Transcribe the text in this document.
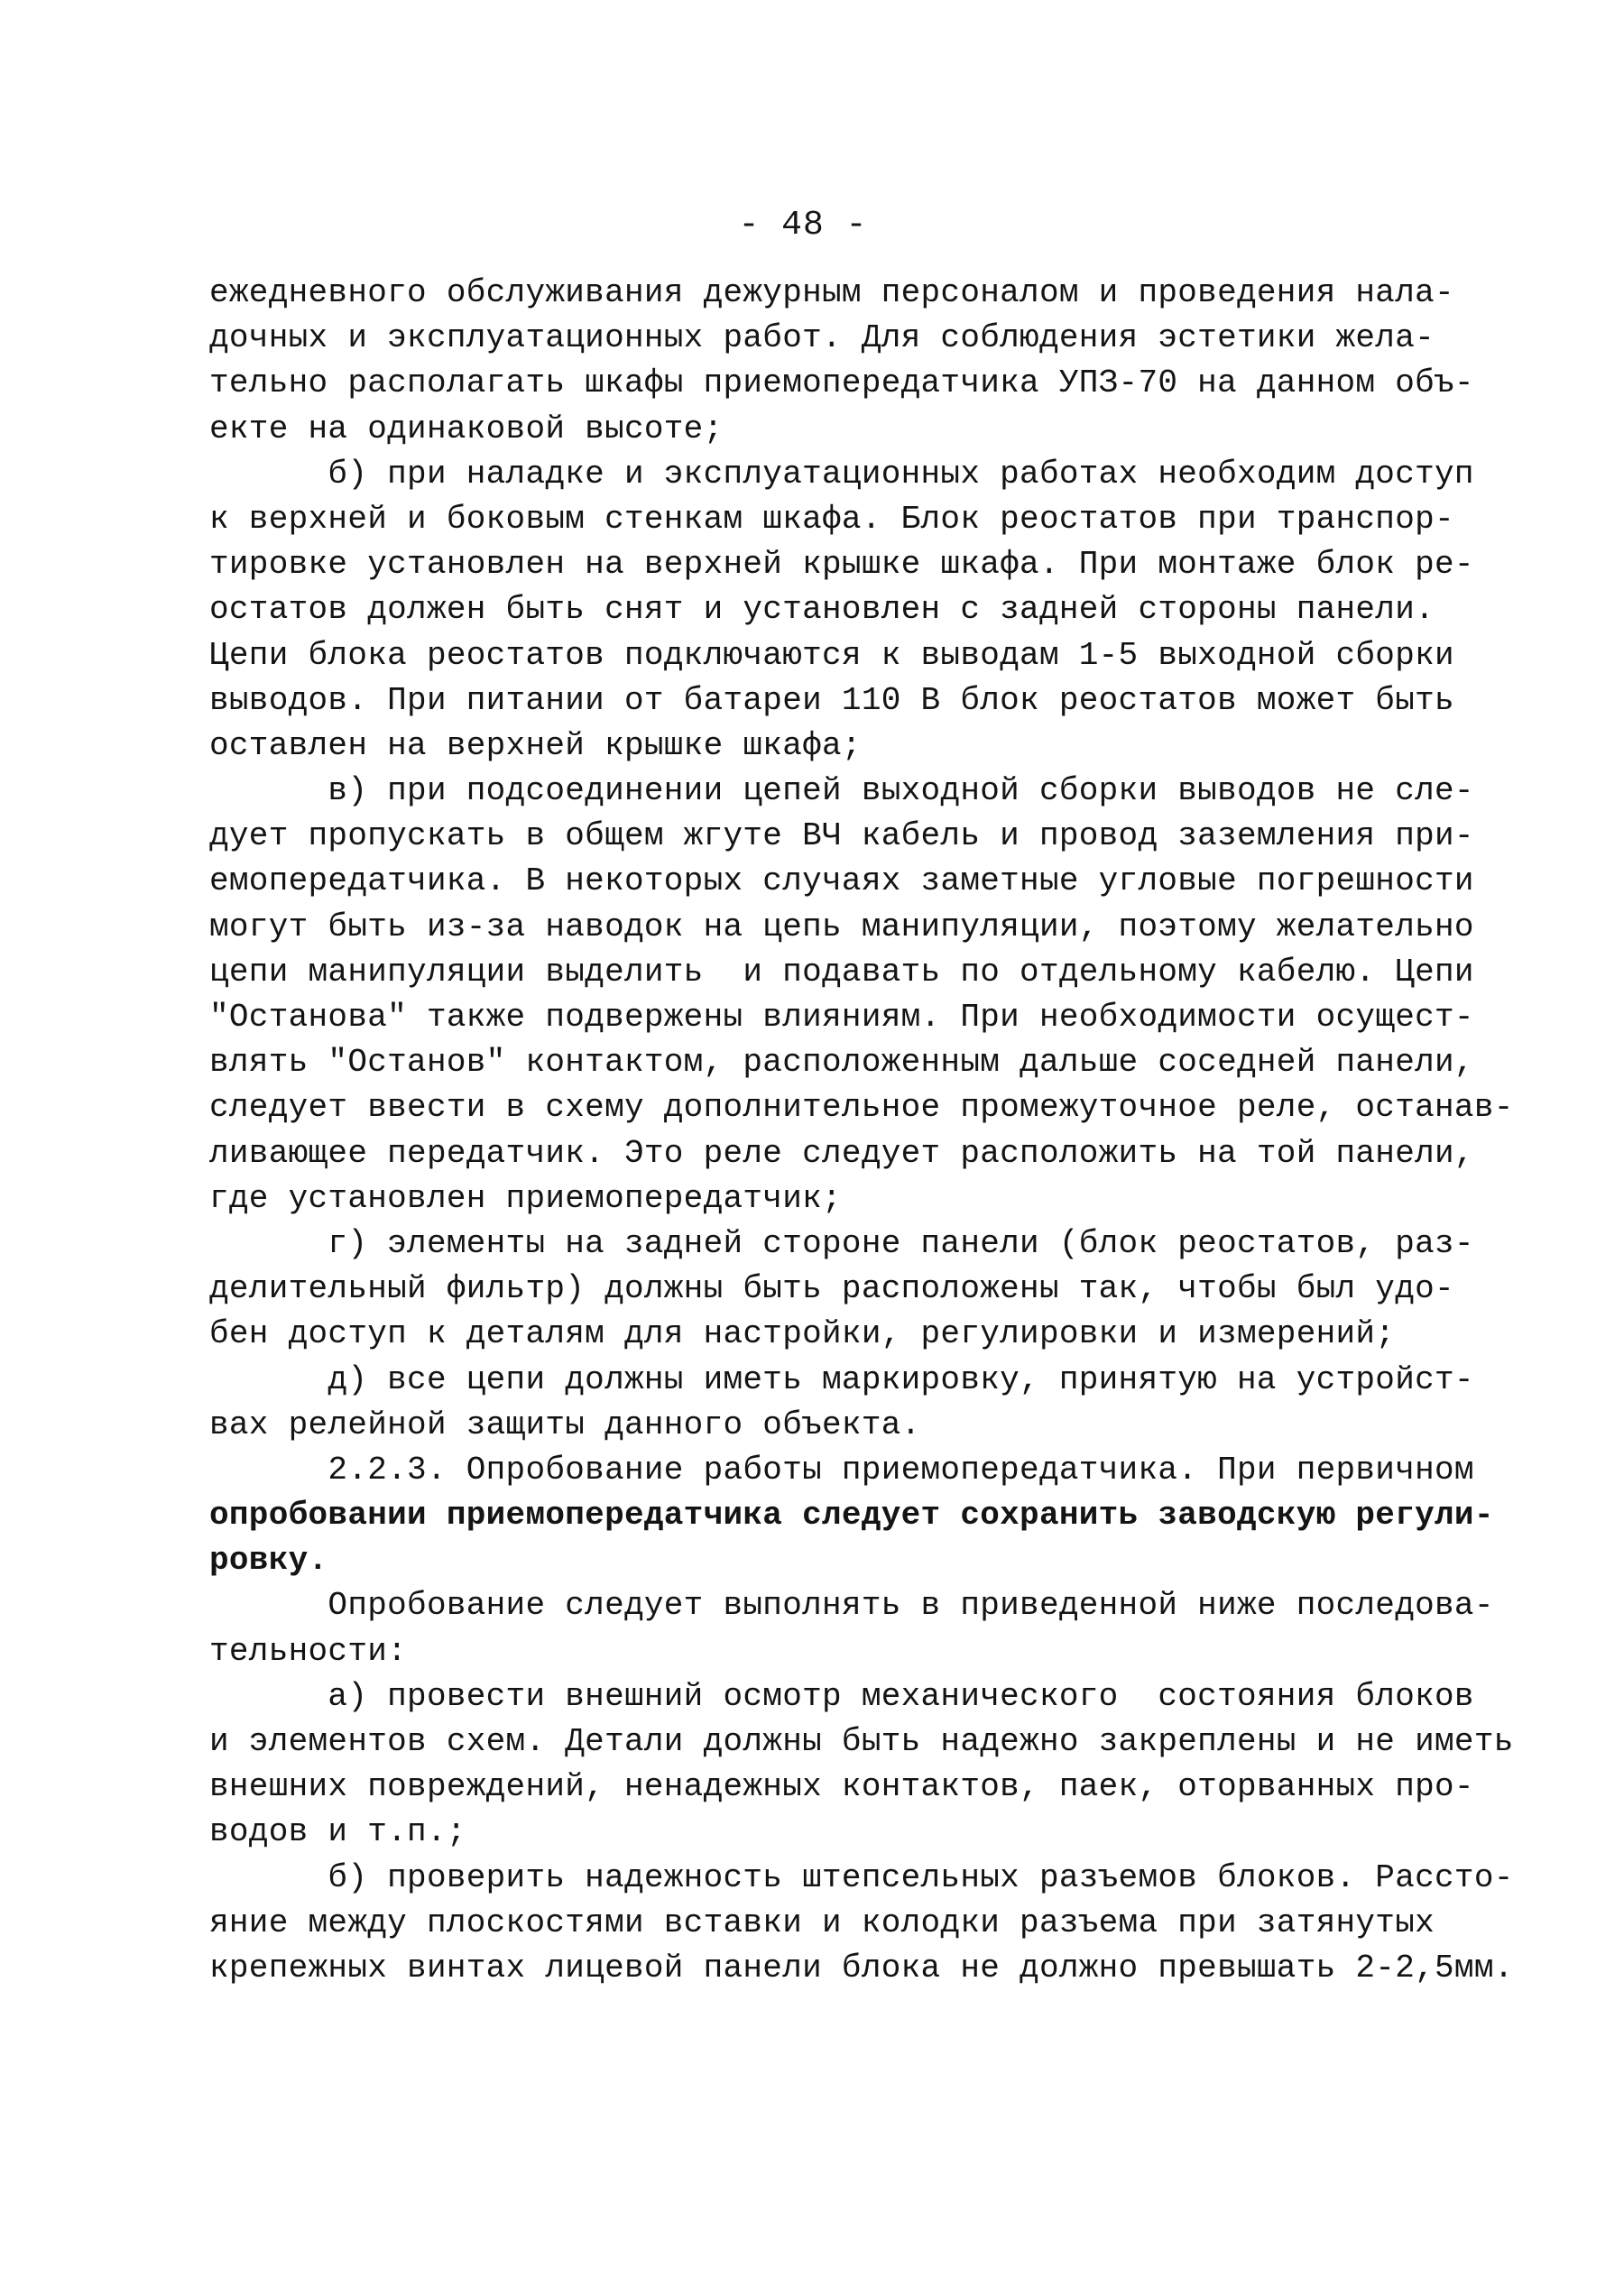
- 48 -
ежедневного обслуживания дежурным персоналом и проведения нала-
дочных и эксплуатационных работ. Для соблюдения эстетики жела-
тельно располагать шкафы приемопередатчика УПЗ-70 на данном объ-
екте на одинаковой высоте;
б) при наладке и эксплуатационных работах необходим доступ
к верхней и боковым стенкам шкафа. Блок реостатов при транспор-
тировке установлен на верхней крышке шкафа. При монтаже блок ре-
остатов должен быть снят и установлен с задней стороны панели.
Цепи блока реостатов подключаются к выводам 1-5 выходной сборки
выводов. При питании от батареи 110 В блок реостатов может быть
оставлен на верхней крышке шкафа;
в) при подсоединении цепей выходной сборки выводов не сле-
дует пропускать в общем жгуте ВЧ кабель и провод заземления при-
емопередатчика. В некоторых случаях заметные угловые погрешности
могут быть из-за наводок на цепь манипуляции, поэтому желательно
цепи манипуляции выделить  и подавать по отдельному кабелю. Цепи
"Останова" также подвержены влияниям. При необходимости осущест-
влять "Останов" контактом, расположенным дальше соседней панели,
следует ввести в схему дополнительное промежуточное реле, останав-
ливающее передатчик. Это реле следует расположить на той панели,
где установлен приемопередатчик;
г) элементы на задней стороне панели (блок реостатов, раз-
делительный фильтр) должны быть расположены так, чтобы был удо-
бен доступ к деталям для настройки, регулировки и измерений;
д) все цепи должны иметь маркировку, принятую на устройст-
вах релейной защиты данного объекта.
2.2.3. Опробование работы приемопередатчика. При первичном
опробовании приемопередатчика следует сохранить заводскую регули-
ровку.
Опробование следует выполнять в приведенной ниже последова-
тельности:
а) провести внешний осмотр механического  состояния блоков
и элементов схем. Детали должны быть надежно закреплены и не иметь
внешних повреждений, ненадежных контактов, паек, оторванных про-
водов и т.п.;
б) проверить надежность штепсельных разъемов блоков. Рассто-
яние между плоскостями вставки и колодки разъема при затянутых
крепежных винтах лицевой панели блока не должно превышать 2-2,5мм.
